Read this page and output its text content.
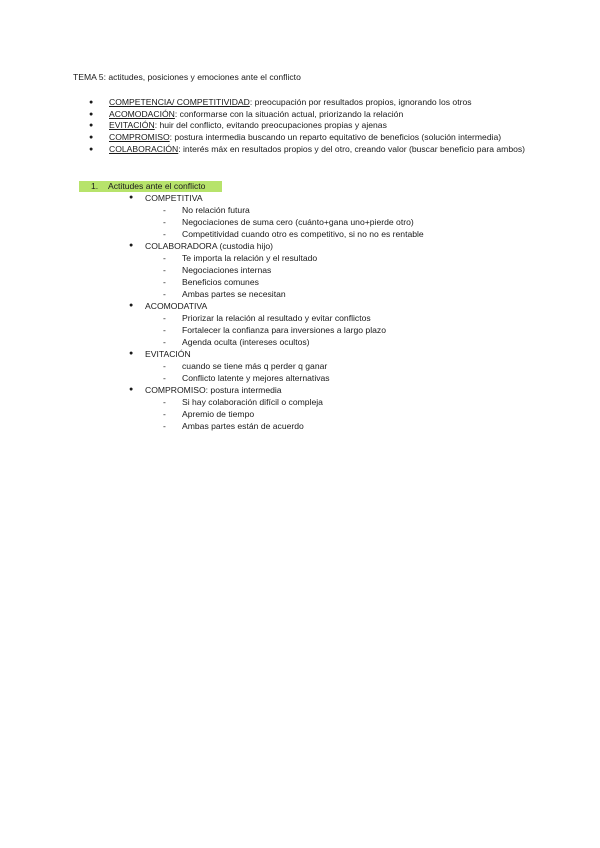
TEMA 5: actitudes, posiciones y emociones ante el conflicto
● COMPETENCIA/ COMPETITIVIDAD: preocupación por resultados propios, ignorando los otros
● ACOMODACIÓN: conformarse con la situación actual, priorizando la relación
● EVITACIÓN: huir del conflicto, evitando preocupaciones propias y ajenas
● COMPROMISO: postura intermedia buscando un reparto equitativo de beneficios (solución intermedia)
● COLABORACIÓN: interés máx en resultados propios y del otro, creando valor (buscar beneficio para ambos)
1. Actitudes ante el conflicto
● COMPETITIVA
- No relación futura
- Negociaciones de suma cero (cuánto+gana uno+pierde otro)
- Competitividad cuando otro es competitivo, si no no es rentable
● COLABORADORA (custodia hijo)
- Te importa la relación y el resultado
- Negociaciones internas
- Beneficios comunes
- Ambas partes se necesitan
● ACOMODATIVA
- Priorizar la relación al resultado y evitar conflictos
- Fortalecer la confianza para inversiones a largo plazo
- Agenda oculta (intereses ocultos)
● EVITACIÓN
- cuando se tiene más q perder q ganar
- Conflicto latente y mejores alternativas
● COMPROMISO: postura intermedia
- Si hay colaboración difícil o compleja
- Apremio de tiempo
- Ambas partes están de acuerdo
